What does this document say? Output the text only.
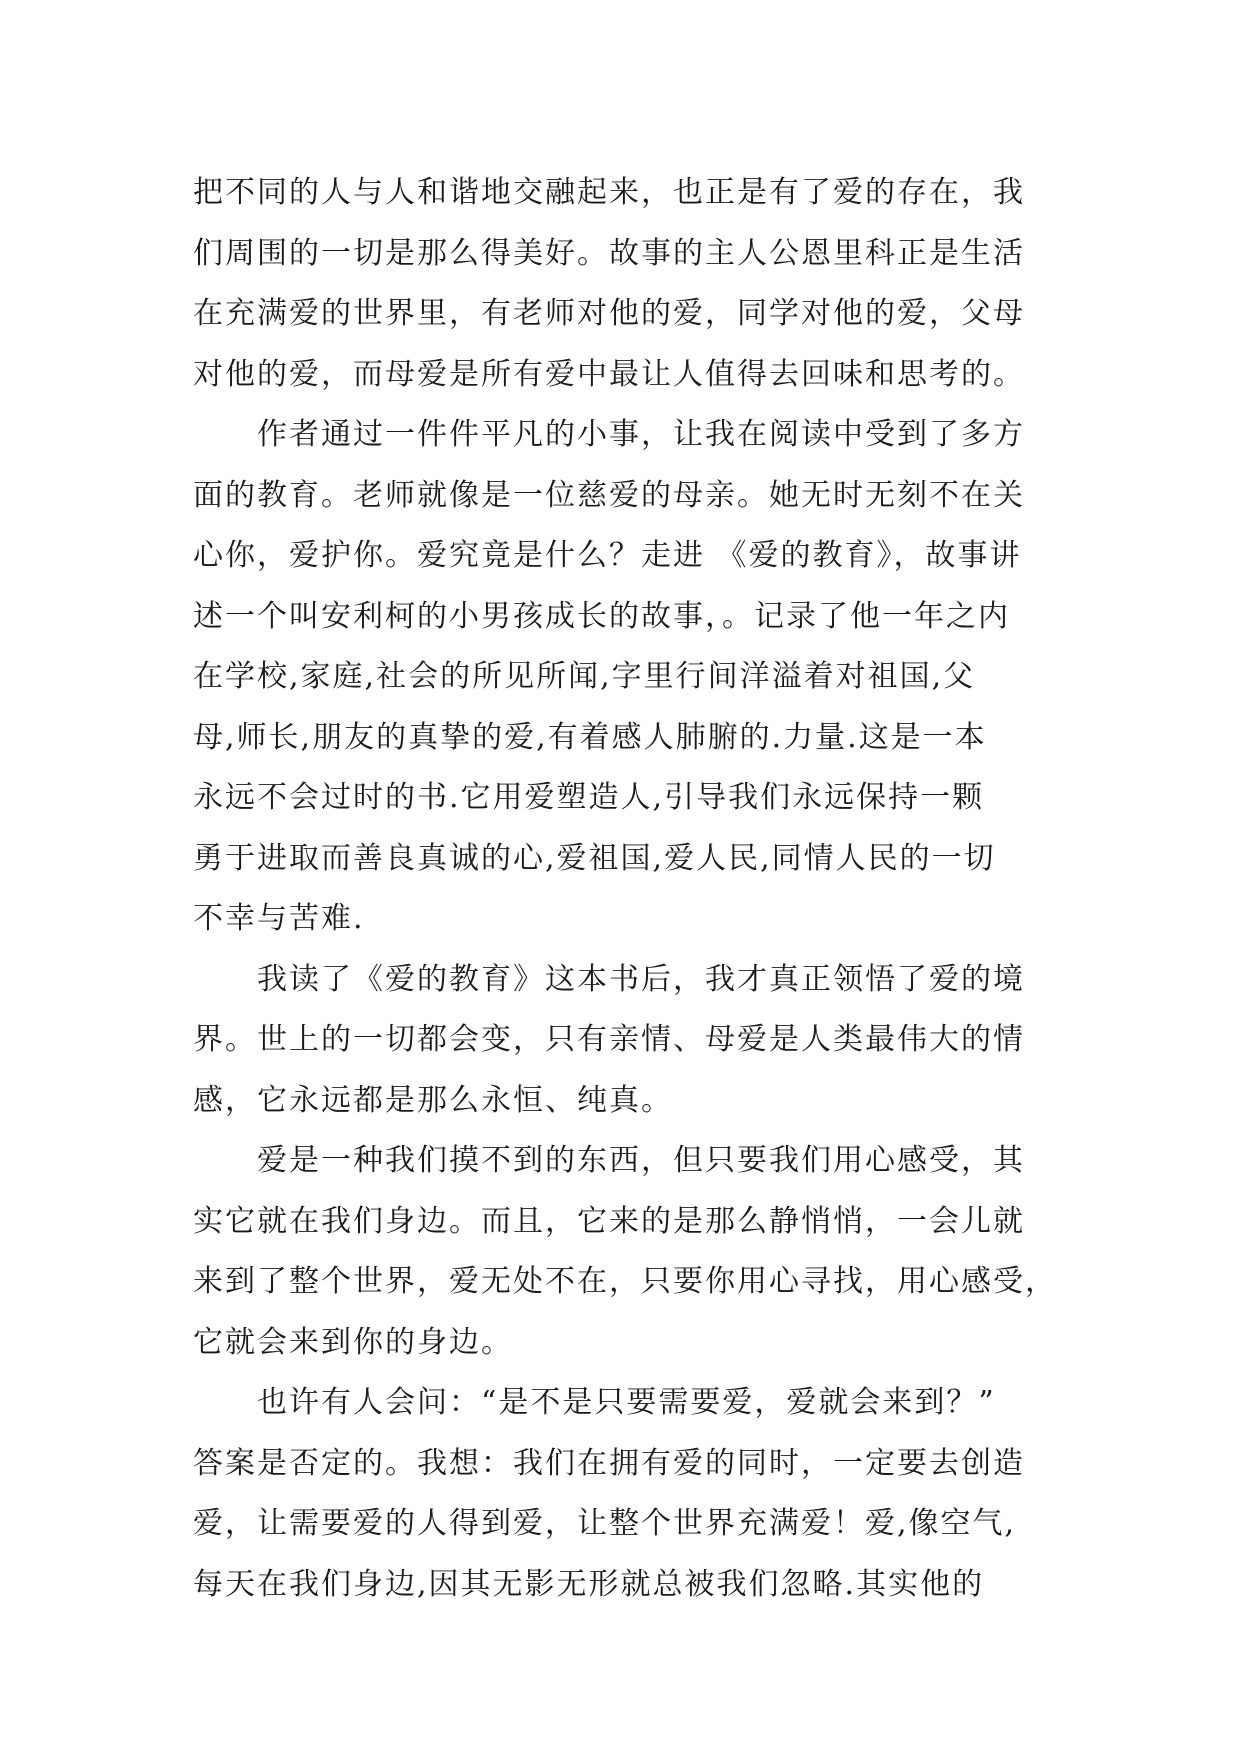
把不同的人与人和谐地交融起来，也正是有了爱的存在，我
们周围的一切是那么得美好。故事的主人公恩里科正是生活
在充满爱的世界里，有老师对他的爱，同学对他的爱，父母
对他的爱，而母爱是所有爱中最让人值得去回味和思考的。
作者通过一件件平凡的小事，让我在阅读中受到了多方
面的教育。老师就像是一位慈爱的母亲。她无时无刻不在关
心你，爱护你。爱究竟是什么？走进 《爱的教育》，故事讲
述一个叫安利柯的小男孩成长的故事，。记录了他一年之内
在学校,家庭,社会的所见所闻,字里行间洋溢着对祖国,父
母,师长,朋友的真挚的爱,有着感人肺腑的.力量.这是一本
永远不会过时的书.它用爱塑造人,引导我们永远保持一颗
勇于进取而善良真诚的心,爱祖国,爱人民,同情人民的一切
不幸与苦难.
我读了《爱的教育》这本书后，我才真正领悟了爱的境
界。世上的一切都会变，只有亲情、母爱是人类最伟大的情
感，它永远都是那么永恒、纯真。
爱是一种我们摸不到的东西，但只要我们用心感受，其
实它就在我们身边。而且，它来的是那么静悄悄，一会儿就
来到了整个世界，爱无处不在，只要你用心寻找，用心感受，
它就会来到你的身边。
也许有人会问：“是不是只要需要爱，爱就会来到？”
答案是否定的。我想：我们在拥有爱的同时，一定要去创造
爱，让需要爱的人得到爱，让整个世界充满爱！爱,像空气,
每天在我们身边,因其无影无形就总被我们忽略.其实他的
